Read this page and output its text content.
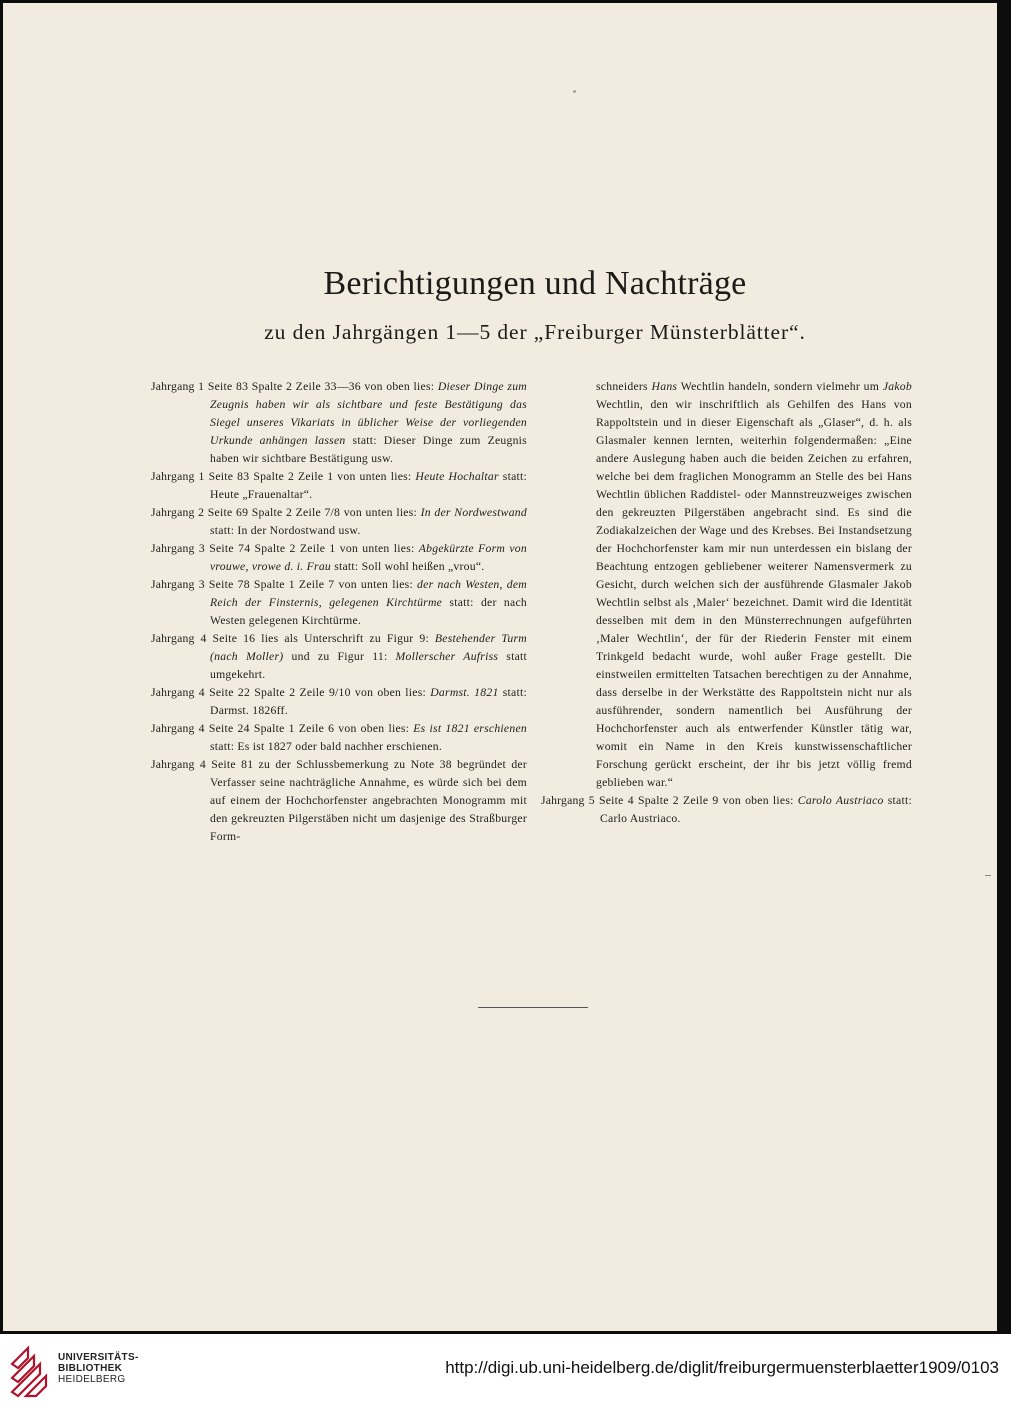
Berichtigungen und Nachträge
zu den Jahrgängen 1—5 der „Freiburger Münsterblätter“.

Jahrgang 1 Seite 83 Spalte 2 Zeile 33—36 von oben lies: Dieser Dinge zum Zeugnis haben wir als sichtbare und feste Bestätigung das Siegel unseres Vikariats in üblicher Weise der vorliegenden Urkunde anhängen lassen statt: Dieser Dinge zum Zeugnis haben wir sichtbare Bestätigung usw.

Jahrgang 1 Seite 83 Spalte 2 Zeile 1 von unten lies: Heute Hochaltar statt: Heute „Frauenaltar“.

Jahrgang 2 Seite 69 Spalte 2 Zeile 7/8 von unten lies: In der Nordwestwand statt: In der Nordostwand usw.

Jahrgang 3 Seite 74 Spalte 2 Zeile 1 von unten lies: Abgekürzte Form von vrouwe, vrowe d. i. Frau statt: Soll wohl heißen „vrou“.

Jahrgang 3 Seite 78 Spalte 1 Zeile 7 von unten lies: der nach Westen, dem Reich der Finsternis, gelegenen Kirchtürme statt: der nach Westen gelegenen Kirchtürme.

Jahrgang 4 Seite 16 lies als Unterschrift zu Figur 9: Bestehender Turm (nach Moller) und zu Figur 11: Mollerscher Aufriss statt umgekehrt.

Jahrgang 4 Seite 22 Spalte 2 Zeile 9/10 von oben lies: Darmst. 1821 statt: Darmst. 1826ff.

Jahrgang 4 Seite 24 Spalte 1 Zeile 6 von oben lies: Es ist 1821 erschienen statt: Es ist 1827 oder bald nachher erschienen.

Jahrgang 4 Seite 81 zu der Schlussbemerkung zu Note 38 begründet der Verfasser seine nachträgliche Annahme, es würde sich bei dem auf einem der Hochchorfenster angebrachten Monogramm mit den gekreuzten Pilgerstäben nicht um dasjenige des Straßburger Form-

schneiders Hans Wechtlin handeln, sondern vielmehr um Jakob Wechtlin, den wir inschriftlich als Gehilfen des Hans von Rappoltstein und in dieser Eigenschaft als „Glaser“, d. h. als Glasmaler kennen lernten, weiterhin folgendermaßen: „Eine andere Auslegung haben auch die beiden Zeichen zu erfahren, welche bei dem fraglichen Monogramm an Stelle des bei Hans Wechtlin üblichen Raddistel- oder Mannstreuzweiges zwischen den gekreuzten Pilgerstäben angebracht sind. Es sind die Zodiakalzeichen der Wage und des Krebses. Bei Instandsetzung der Hochchorfenster kam mir nun unterdessen ein bislang der Beachtung entzogen gebliebener weiterer Namensvermerk zu Gesicht, durch welchen sich der ausführende Glasmaler Jakob Wechtlin selbst als ‚Maler‘ bezeichnet. Damit wird die Identität desselben mit dem in den Münsterrechnungen aufgeführten ‚Maler Wechtlin‘, der für der Riederin Fenster mit einem Trinkgeld bedacht wurde, wohl außer Frage gestellt. Die einstweilen ermittelten Tatsachen berechtigen zu der Annahme, dass derselbe in der Werkstätte des Rappoltstein nicht nur als ausführender, sondern namentlich bei Ausführung der Hochchorfenster auch als entwerfender Künstler tätig war, womit ein Name in den Kreis kunstwissenschaftlicher Forschung gerückt erscheint, der ihr bis jetzt völlig fremd geblieben war.“

Jahrgang 5 Seite 4 Spalte 2 Zeile 9 von oben lies: Carolo Austriaco statt: Carlo Austriaco.

UNIVERSITÄTS-
BIBLIOTHEK
HEIDELBERG
http://digi.ub.uni-heidelberg.de/diglit/freiburgermuensterblaetter1909/0103
